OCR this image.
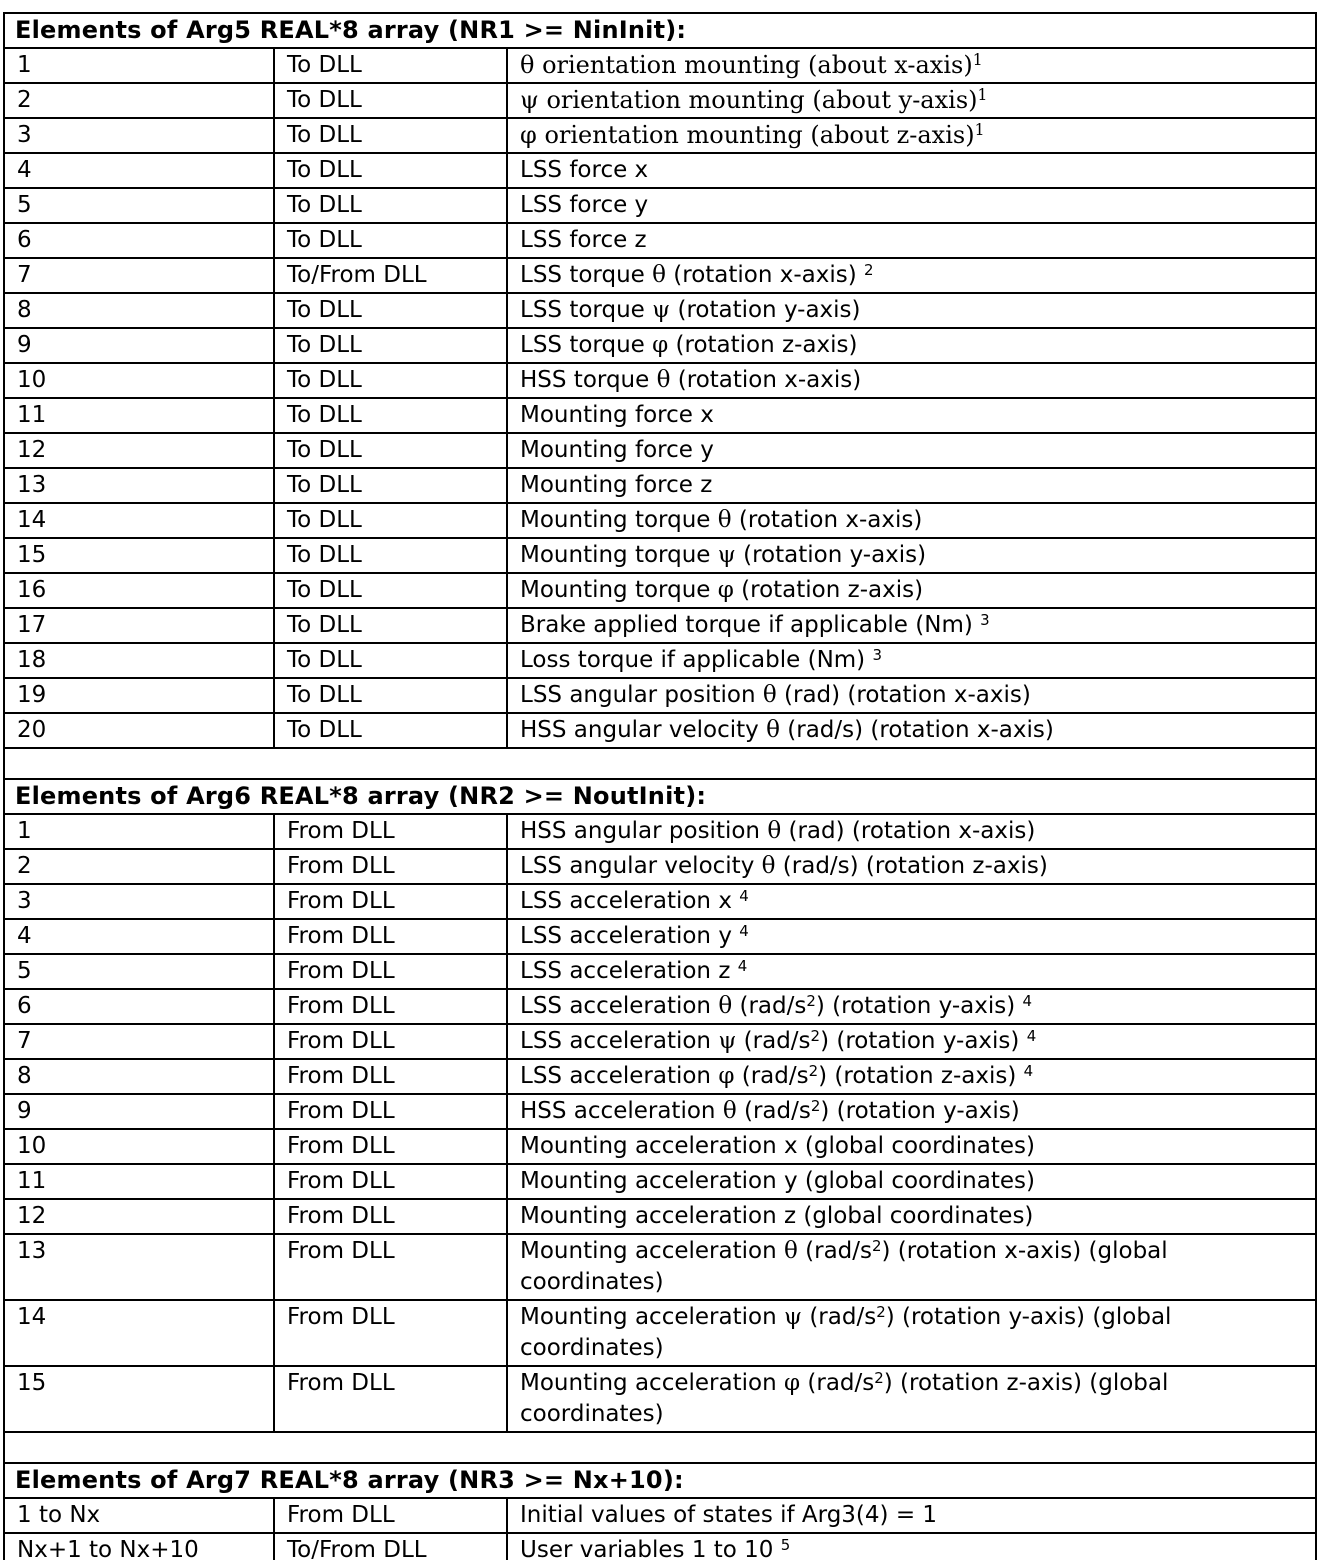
Elements of Arg5 REAL*8 array (NR1 >= NinInit):		
1	To DLL	θ orientation mounting (about x-axis)$^1$
2	To DLL	ψ orientation mounting (about y-axis)$^1$
3	To DLL	φ orientation mounting (about z-axis)$^1$
4	To DLL	LSS force x
5	To DLL	LSS force y
6	To DLL	LSS force z
7	To/From DLL	LSS torque θ (rotation x-axis) $^2$
8	To DLL	LSS torque ψ (rotation y-axis)
9	To DLL	LSS torque φ (rotation z-axis)
10	To DLL	HSS torque θ (rotation x-axis)
11	To DLL	Mounting force x
12	To DLL	Mounting force y
13	To DLL	Mounting force z
14	To DLL	Mounting torque θ (rotation x-axis)
15	To DLL	Mounting torque ψ (rotation y-axis)
16	To DLL	Mounting torque φ (rotation z-axis)
17	To DLL	Brake applied torque if applicable (Nm) $^3$
18	To DLL	Loss torque if applicable (Nm) $^3$
19	To DLL	LSS angular position θ (rad) (rotation x-axis)
20	To DLL	HSS angular velocity θ (rad/s) (rotation x-axis)

Elements of Arg6 REAL*8 array (NR2 >= NoutInit):		
1	From DLL	HSS angular position θ (rad) (rotation x-axis)
2	From DLL	LSS angular velocity θ (rad/s) (rotation z-axis)
3	From DLL	LSS acceleration x $^4$
4	From DLL	LSS acceleration y $^4$
5	From DLL	LSS acceleration z $^4$
6	From DLL	LSS acceleration θ $(rad/s^2)$ (rotation y-axis) $^4$
7	From DLL	LSS acceleration ψ $(rad/s^2)$ (rotation y-axis) $^4$
8	From DLL	LSS acceleration φ $(rad/s^2)$ (rotation z-axis) $^4$
9	From DLL	HSS acceleration θ $(rad/s^2)$ (rotation y-axis)
10	From DLL	Mounting acceleration x (global coordinates)
11	From DLL	Mounting acceleration y (global coordinates)
12	From DLL	Mounting acceleration z (global coordinates)
13	From DLL	Mounting acceleration θ $(rad/s^2)$ (rotation x-axis) (global coordinates)
14	From DLL	Mounting acceleration ψ $(rad/s^2)$ (rotation y-axis) (global coordinates)
15	From DLL	Mounting acceleration φ $(rad/s^2)$ (rotation z-axis) (global coordinates)

Elements of Arg7 REAL*8 array (NR3 >= Nx+10):		
1 to Nx	From DLL	Initial values of states if Arg3(4) = 1
Nx+1 to Nx+10	To/From DLL	User variables 1 to 10 $^5$
